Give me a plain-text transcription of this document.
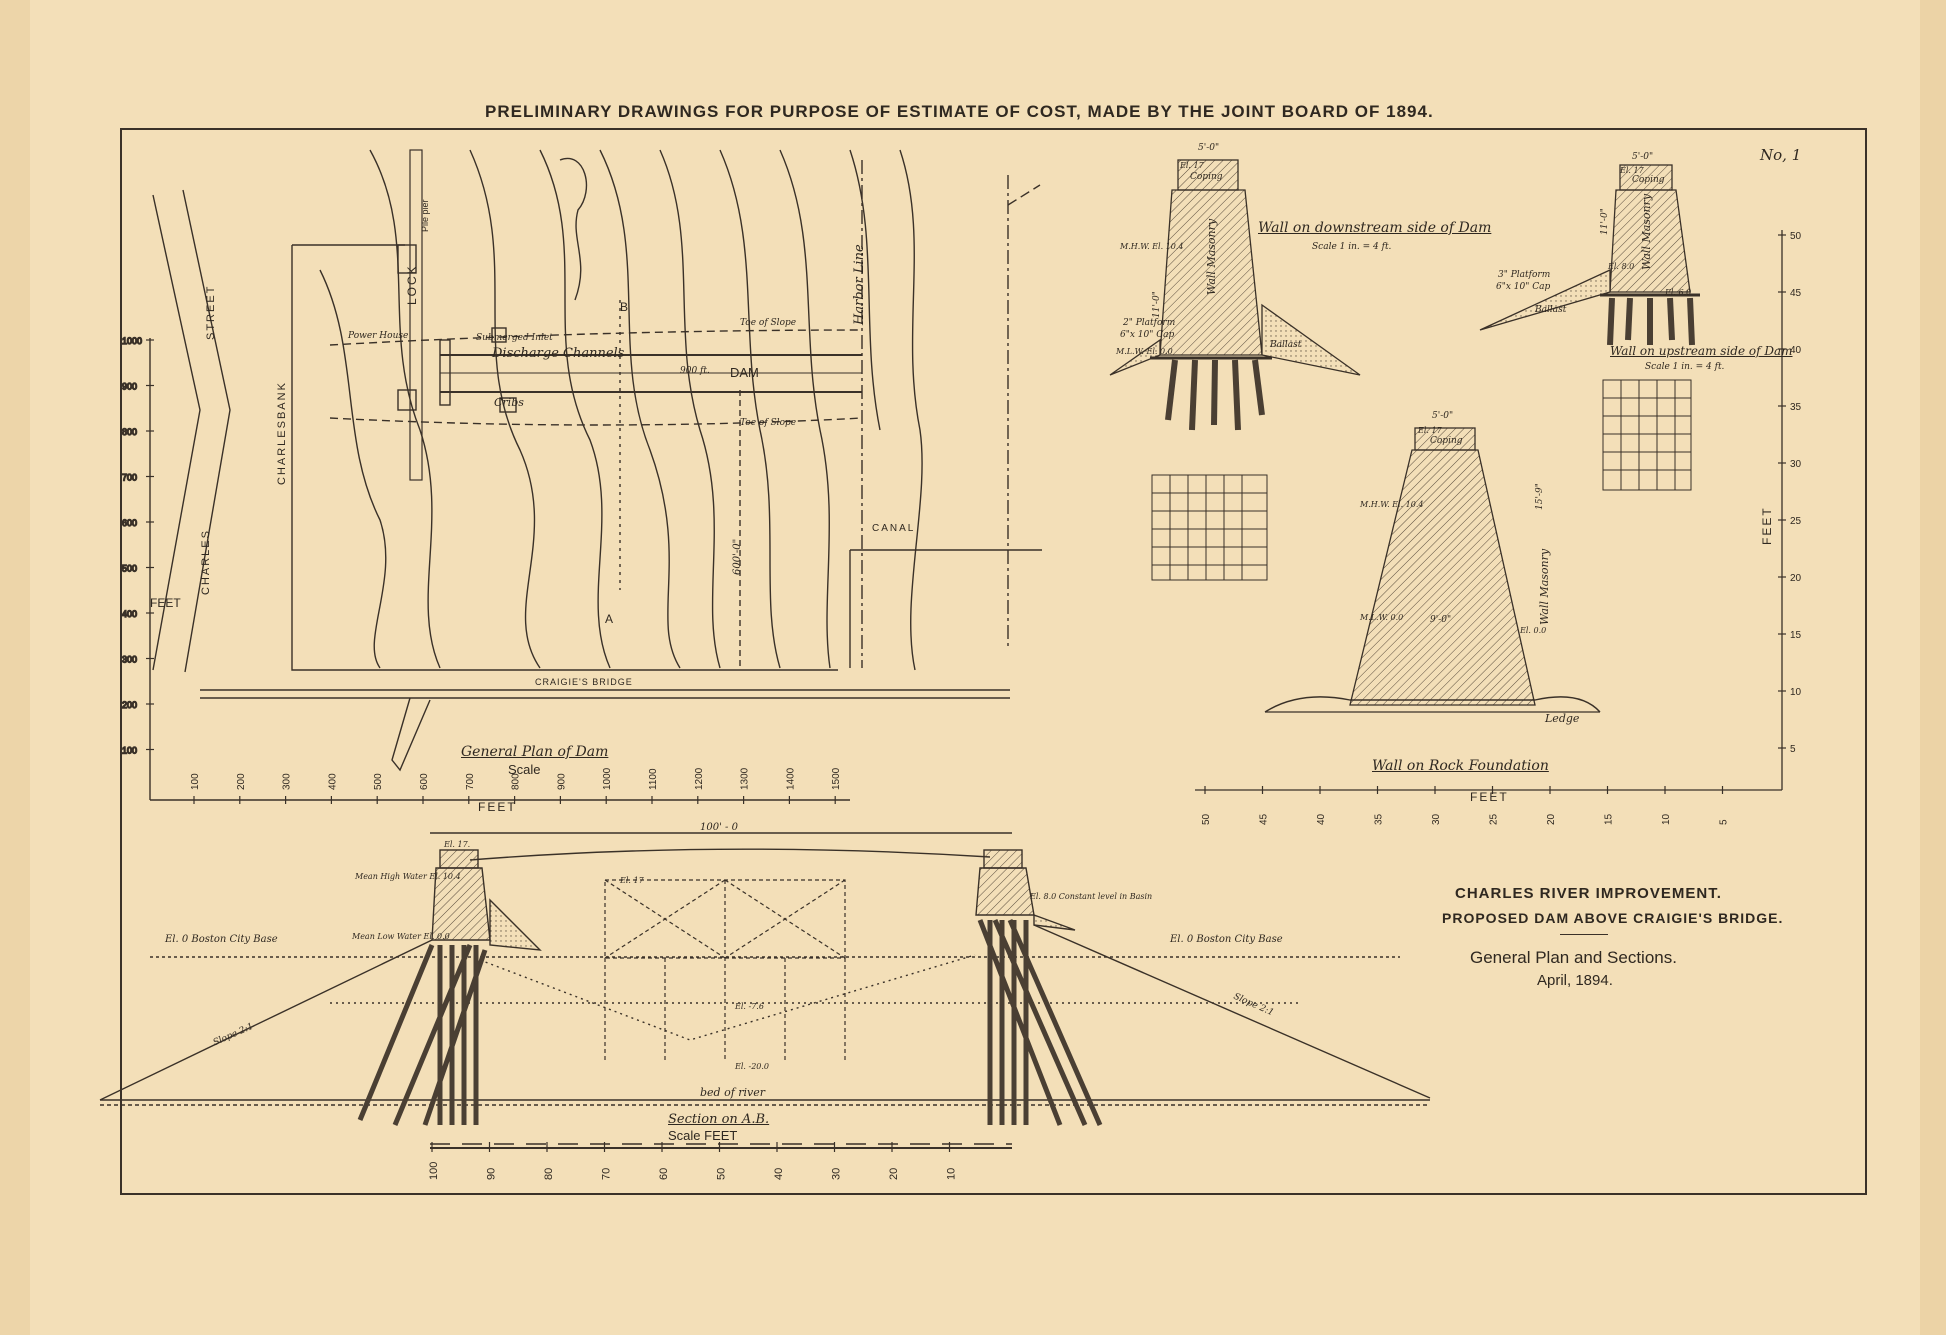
1000
900
800
700
600
500
400
300
200
100
100	200	300	400	500	600	700	800	900	1000	1100	1200	1300	1400	1500
50
45
40
35
30
25
20
15
10
5
50	45	40	35	30	25	20	15	10	5
100	90	80	70	60	50	40	30	20	10
PRELIMINARY DRAWINGS FOR PURPOSE OF ESTIMATE OF COST, MADE BY THE JOINT BOARD OF 1894.
No, 1
FEET
STREET
CHARLES
CHARLESBANK
LOCK
Pile pier
Power House	Submerged Inlet
Discharge Channels
DAM
900 ft.
Cribs
Toe of Slope
Toe of Slope
Harbor Line
CANAL
CRAIGIE'S BRIDGE
600'-0"
B
A
General Plan of Dam
Scale
FEET
5'-0"
El. 17
Coping
Wall on downstream side of Dam
Scale 1 in. = 4 ft.
M.H.W. El. 10.4
M.L.W. El. 0.0
2" Platform
6"x 10" Cap
Wall Masonry
Ballast
11'-0"
5'-0"
El. 17
Coping
El. 8.0
El. 6.0
3" Platform
6"x 10" Cap
Wall Masonry
Ballast
11'-0"
Wall on upstream side of Dam
Scale 1 in. = 4 ft.
5'-0"
El. 17
Coping
M.H.W. El. 10.4
M.L.W. 0.0	Wall Masonry
15'-9"
9'-0"
El. 0.0
Ledge
Wall on Rock Foundation
FEET
FEET
100' - 0
El. 17.
El. 17
Mean High Water El. 10.4
Mean Low Water El. 0.0
El. 8.0 Constant level in Basin
El. 0 Boston City Base	El. 0 Boston City Base
El. -7.6
El. -20.0
Slope 2:1
Slope 2:1
bed of river
Section on A.B.
Scale FEET
CHARLES RIVER IMPROVEMENT.
PROPOSED DAM ABOVE CRAIGIE'S BRIDGE.
General Plan and Sections.
April, 1894.
